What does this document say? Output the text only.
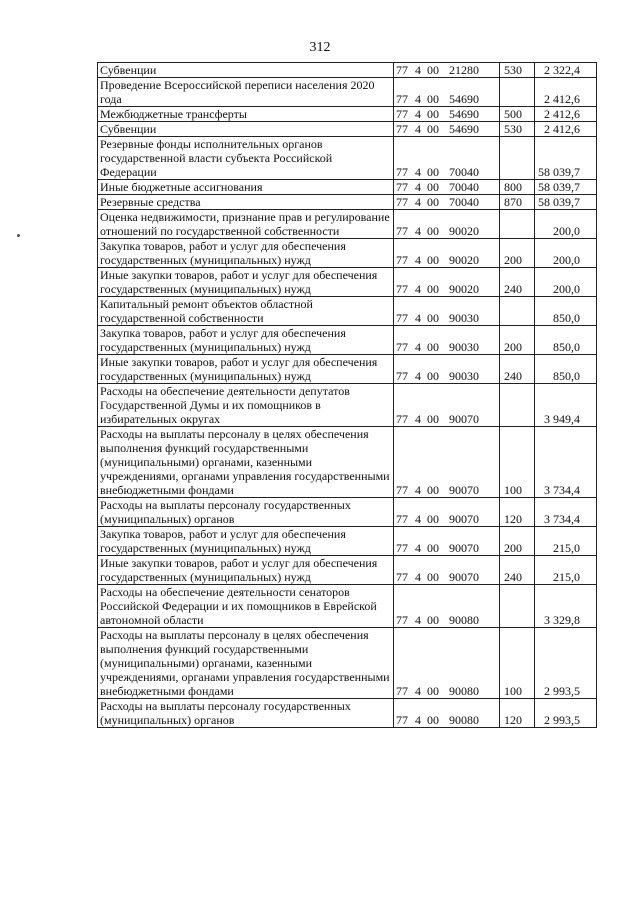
312
Субвенции	77 4 00 21280	530	2 322,4
Проведение Всероссийской переписи населения 2020 года	77 4 00 54690		2 412,6
Межбюджетные трансферты	77 4 00 54690	500	2 412,6
Субвенции	77 4 00 54690	530	2 412,6
Резервные фонды исполнительных органов государственной власти субъекта Российской Федерации	77 4 00 70040		58 039,7
Иные бюджетные ассигнования	77 4 00 70040	800	58 039,7
Резервные средства	77 4 00 70040	870	58 039,7
Оценка недвижимости, признание прав и регулирование отношений по государственной собственности	77 4 00 90020		200,0
Закупка товаров, работ и услуг для обеспечения государственных (муниципальных) нужд	77 4 00 90020	200	200,0
Иные закупки товаров, работ и услуг для обеспечения государственных (муниципальных) нужд	77 4 00 90020	240	200,0
Капитальный ремонт объектов областной государственной собственности	77 4 00 90030		850,0
Закупка товаров, работ и услуг для обеспечения государственных (муниципальных) нужд	77 4 00 90030	200	850,0
Иные закупки товаров, работ и услуг для обеспечения государственных (муниципальных) нужд	77 4 00 90030	240	850,0
Расходы на обеспечение деятельности депутатов Государственной Думы и их помощников в избирательных округах	77 4 00 90070		3 949,4
Расходы на выплаты персоналу в целях обеспечения выполнения функций государственными (муниципальными) органами, казенными учреждениями, органами управления государственными внебюджетными фондами	77 4 00 90070	100	3 734,4
Расходы на выплаты персоналу государственных (муниципальных) органов	77 4 00 90070	120	3 734,4
Закупка товаров, работ и услуг для обеспечения государственных (муниципальных) нужд	77 4 00 90070	200	215,0
Иные закупки товаров, работ и услуг для обеспечения государственных (муниципальных) нужд	77 4 00 90070	240	215,0
Расходы на обеспечение деятельности сенаторов Российской Федерации и их помощников в Еврейской автономной области	77 4 00 90080		3 329,8
Расходы на выплаты персоналу в целях обеспечения выполнения функций государственными (муниципальными) органами, казенными учреждениями, органами управления государственными внебюджетными фондами	77 4 00 90080	100	2 993,5
Расходы на выплаты персоналу государственных (муниципальных) органов	77 4 00 90080	120	2 993,5
